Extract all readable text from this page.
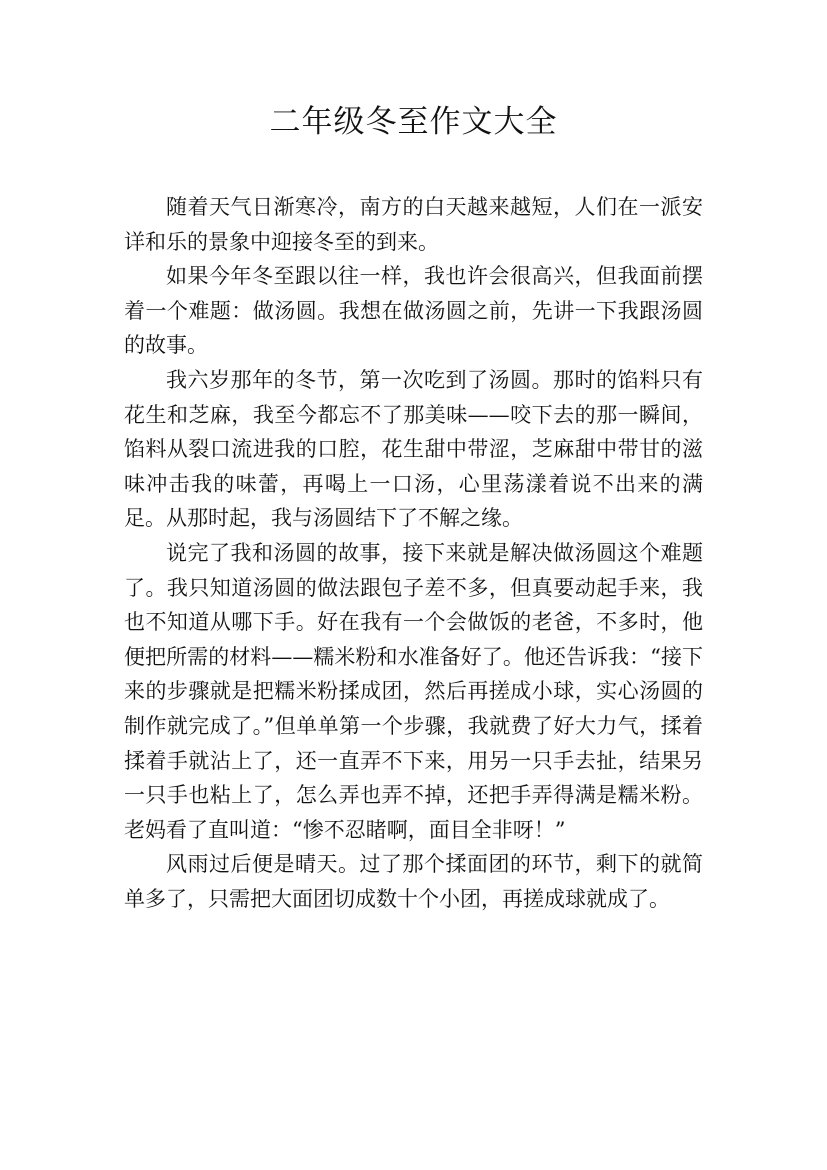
二年级冬至作文大全

随着天气日渐寒冷，南方的白天越来越短，人们在一派安详和乐的景象中迎接冬至的到来。

如果今年冬至跟以往一样，我也许会很高兴，但我面前摆着一个难题：做汤圆。我想在做汤圆之前，先讲一下我跟汤圆的故事。

我六岁那年的冬节，第一次吃到了汤圆。那时的馅料只有花生和芝麻，我至今都忘不了那美味——咬下去的那一瞬间，馅料从裂口流进我的口腔，花生甜中带涩，芝麻甜中带甘的滋味冲击我的味蕾，再喝上一口汤，心里荡漾着说不出来的满足。从那时起，我与汤圆结下了不解之缘。

说完了我和汤圆的故事，接下来就是解决做汤圆这个难题了。我只知道汤圆的做法跟包子差不多，但真要动起手来，我也不知道从哪下手。好在我有一个会做饭的老爸，不多时，他便把所需的材料——糯米粉和水准备好了。他还告诉我：“接下来的步骤就是把糯米粉揉成团，然后再搓成小球，实心汤圆的制作就完成了。”但单单第一个步骤，我就费了好大力气，揉着揉着手就沾上了，还一直弄不下来，用另一只手去扯，结果另一只手也粘上了，怎么弄也弄不掉，还把手弄得满是糯米粉。老妈看了直叫道：“惨不忍睹啊，面目全非呀！”

风雨过后便是晴天。过了那个揉面团的环节，剩下的就简单多了，只需把大面团切成数十个小团，再搓成球就成了。
